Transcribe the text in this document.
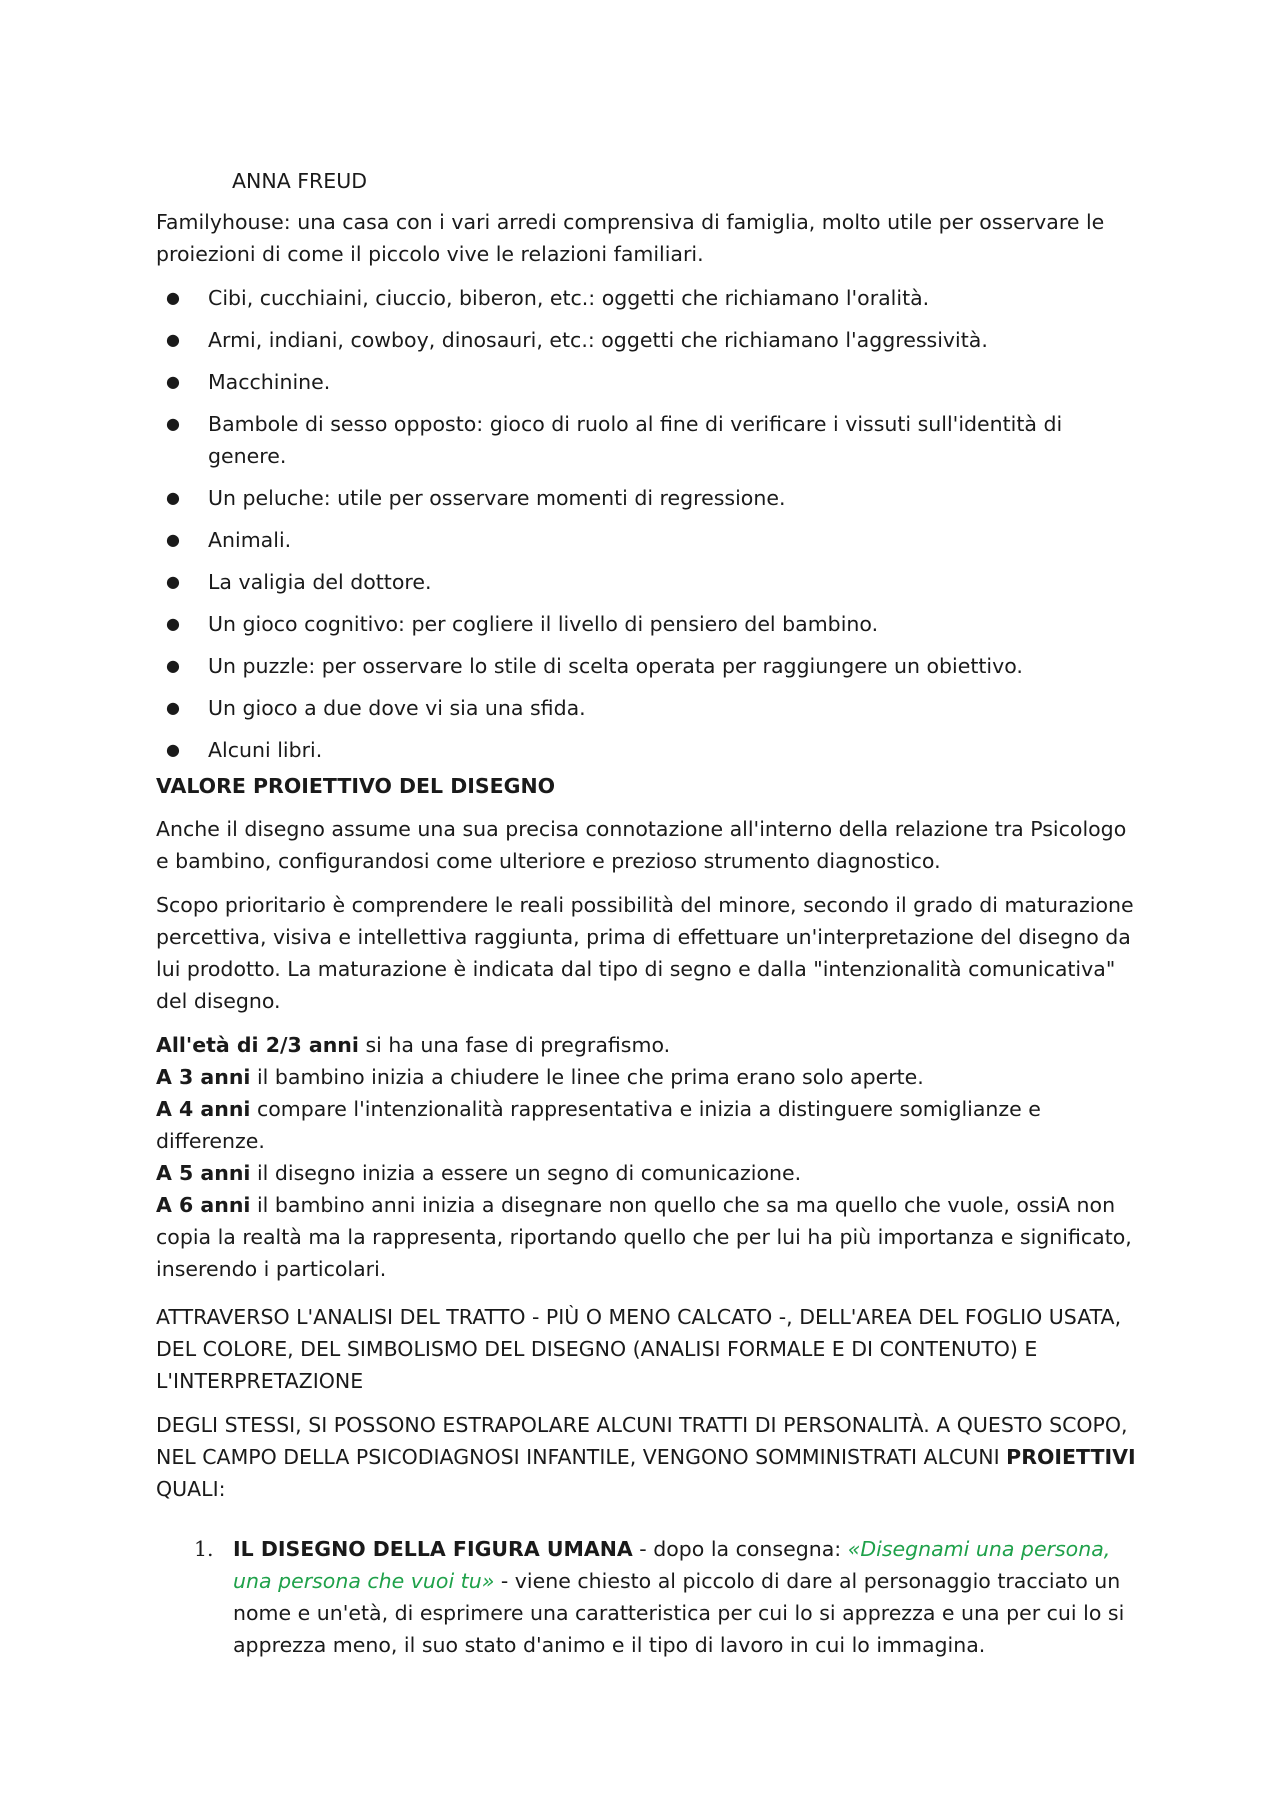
ANNA FREUD

Familyhouse: una casa con i vari arredi comprensiva di famiglia, molto utile per osservare le proiezioni di come il piccolo vive le relazioni familiari.

● Cibi, cucchiaini, ciuccio, biberon, etc.: oggetti che richiamano l'oralità.
● Armi, indiani, cowboy, dinosauri, etc.: oggetti che richiamano l'aggressività.
● Macchinine.
● Bambole di sesso opposto: gioco di ruolo al fine di verificare i vissuti sull'identità di genere.
● Un peluche: utile per osservare momenti di regressione.
● Animali.
● La valigia del dottore.
● Un gioco cognitivo: per cogliere il livello di pensiero del bambino.
● Un puzzle: per osservare lo stile di scelta operata per raggiungere un obiettivo.
● Un gioco a due dove vi sia una sfida.
● Alcuni libri.

VALORE PROIETTIVO DEL DISEGNO

Anche il disegno assume una sua precisa connotazione all'interno della relazione tra Psicologo e bambino, configurandosi come ulteriore e prezioso strumento diagnostico.

Scopo prioritario è comprendere le reali possibilità del minore, secondo il grado di maturazione percettiva, visiva e intellettiva raggiunta, prima di effettuare un'interpretazione del disegno da lui prodotto. La maturazione è indicata dal tipo di segno e dalla "intenzionalità comunicativa" del disegno.

All'età di 2/3 anni si ha una fase di pregrafismo.

A 3 anni il bambino inizia a chiudere le linee che prima erano solo aperte.

A 4 anni compare l'intenzionalità rappresentativa e inizia a distinguere somiglianze e differenze.

A 5 anni il disegno inizia a essere un segno di comunicazione.

A 6 anni il bambino anni inizia a disegnare non quello che sa ma quello che vuole, ossiA non copia la realtà ma la rappresenta, riportando quello che per lui ha più importanza e significato, inserendo i particolari.

ATTRAVERSO L'ANALISI DEL TRATTO - PIÙ O MENO CALCATO -, DELL'AREA DEL FOGLIO USATA, DEL COLORE, DEL SIMBOLISMO DEL DISEGNO (ANALISI FORMALE E DI CONTENUTO) E L'INTERPRETAZIONE

DEGLI STESSI, SI POSSONO ESTRAPOLARE ALCUNI TRATTI DI PERSONALITÀ. A QUESTO SCOPO, NEL CAMPO DELLA PSICODIAGNOSI INFANTILE, VENGONO SOMMINISTRATI ALCUNI PROIETTIVI QUALI:

1. IL DISEGNO DELLA FIGURA UMANA - dopo la consegna: «Disegnami una persona, una persona che vuoi tu» - viene chiesto al piccolo di dare al personaggio tracciato un nome e un'età, di esprimere una caratteristica per cui lo si apprezza e una per cui lo si apprezza meno, il suo stato d'animo e il tipo di lavoro in cui lo immagina.
